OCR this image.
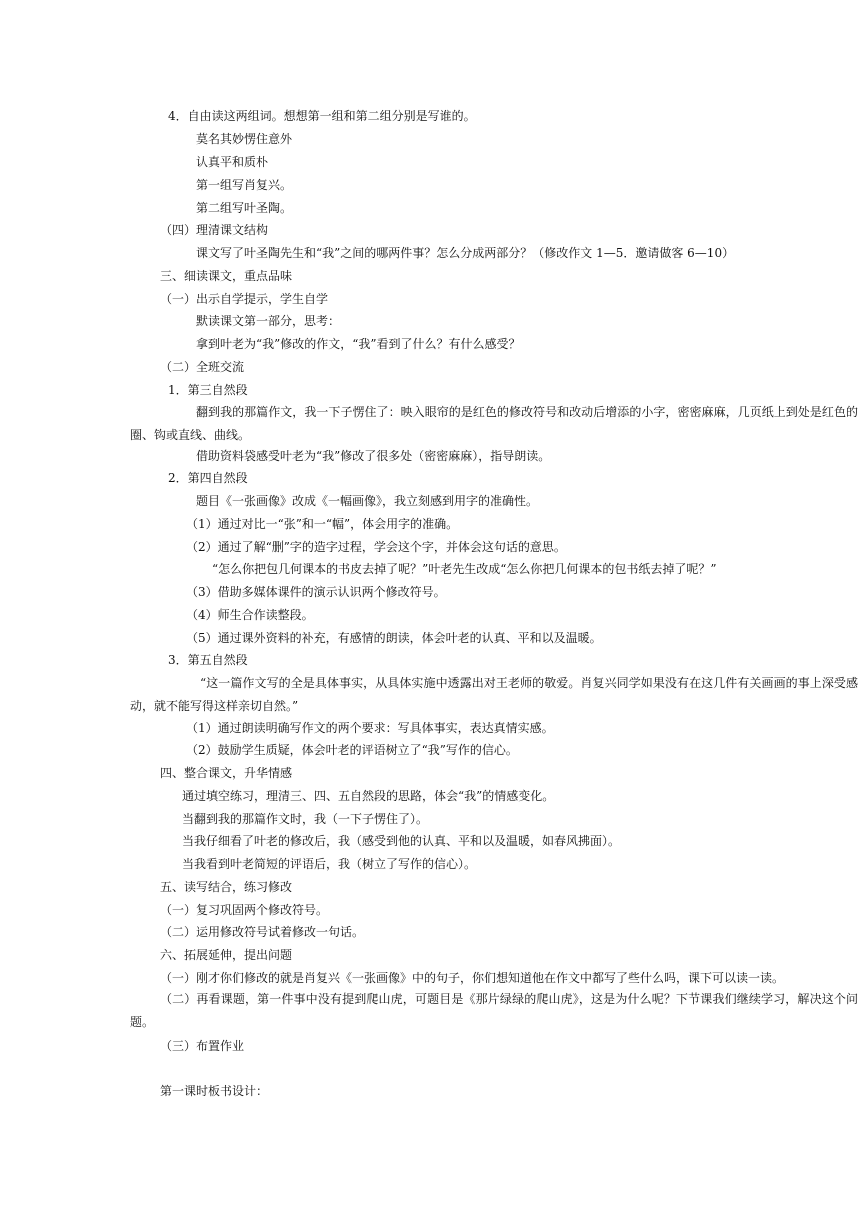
4．自由读这两组词。想想第一组和第二组分别是写谁的。
莫名其妙愣住意外
认真平和质朴
第一组写肖复兴。
第二组写叶圣陶。
（四）理清课文结构
课文写了叶圣陶先生和“我”之间的哪两件事？怎么分成两部分？（修改作文 1—5．邀请做客 6—10）
三、细读课文，重点品味
（一）出示自学提示，学生自学
默读课文第一部分，思考：
拿到叶老为“我”修改的作文，“我”看到了什么？有什么感受？
（二）全班交流
1．第三自然段
翻到我的那篇作文，我一下子愣住了：映入眼帘的是红色的修改符号和改动后增添的小字，密密麻麻，几页纸上到处是红色的圈、钩或直线、曲线。
借助资料袋感受叶老为“我”修改了很多处（密密麻麻），指导朗读。
2．第四自然段
题目《一张画像》改成《一幅画像》，我立刻感到用字的准确性。
（1）通过对比一“张”和一“幅”，体会用字的准确。
（2）通过了解“删”字的造字过程，学会这个字，并体会这句话的意思。
“怎么你把包几何课本的书皮去掉了呢？”叶老先生改成“怎么你把几何课本的包书纸去掉了呢？”
（3）借助多媒体课件的演示认识两个修改符号。
（4）师生合作读整段。
（5）通过课外资料的补充，有感情的朗读，体会叶老的认真、平和以及温暖。
3．第五自然段
“这一篇作文写的全是具体事实，从具体实施中透露出对王老师的敬爱。肖复兴同学如果没有在这几件有关画画的事上深受感动，就不能写得这样亲切自然。”
（1）通过朗读明确写作文的两个要求：写具体事实，表达真情实感。
（2）鼓励学生质疑，体会叶老的评语树立了“我”写作的信心。
四、整合课文，升华情感
通过填空练习，理清三、四、五自然段的思路，体会“我”的情感变化。
当翻到我的那篇作文时，我（一下子愣住了）。
当我仔细看了叶老的修改后，我（感受到他的认真、平和以及温暖，如春风拂面）。
当我看到叶老简短的评语后，我（树立了写作的信心）。
五、读写结合，练习修改
（一）复习巩固两个修改符号。
（二）运用修改符号试着修改一句话。
六、拓展延伸，提出问题
（一）刚才你们修改的就是肖复兴《一张画像》中的句子，你们想知道他在作文中都写了些什么吗，课下可以读一读。
（二）再看课题，第一件事中没有提到爬山虎，可题目是《那片绿绿的爬山虎》，这是为什么呢？下节课我们继续学习，解决这个问题。
（三）布置作业
第一课时板书设计：
